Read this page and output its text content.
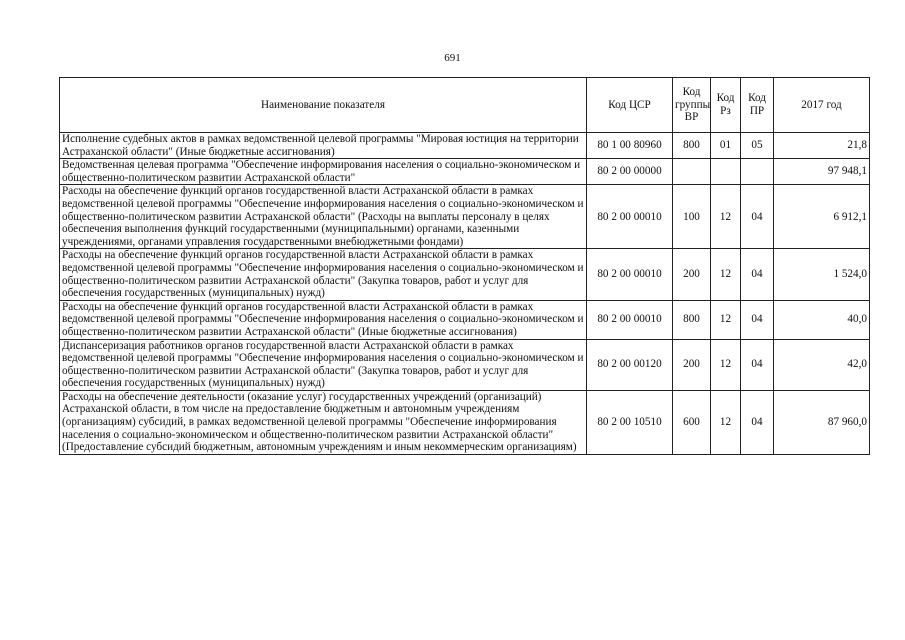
691
Наименование показателя	Код ЦСР	Код группы ВР	Код Рз	Код ПР	2017 год
Исполнение судебных актов в рамках ведомственной целевой программы "Мировая юстиция на территории Астраханской области" (Иные бюджетные ассигнования)	80 1 00 80960	800	01	05	21,8
Ведомственная целевая программа "Обеспечение информирования населения о социально-экономическом и общественно-политическом развитии Астраханской области"	80 2 00 00000				97 948,1
Расходы на обеспечение функций органов государственной власти Астраханской области в рамках ведомственной целевой программы "Обеспечение информирования населения о социально-экономическом и общественно-политическом развитии Астраханской области" (Расходы на выплаты персоналу в целях обеспечения выполнения функций государственными (муниципальными) органами, казенными учреждениями, органами управления государственными внебюджетными фондами)	80 2 00 00010	100	12	04	6 912,1
Расходы на обеспечение функций органов государственной власти Астраханской области в рамках ведомственной целевой программы "Обеспечение информирования населения о социально-экономическом и общественно-политическом развитии Астраханской области" (Закупка товаров, работ и услуг для обеспечения государственных (муниципальных) нужд)	80 2 00 00010	200	12	04	1 524,0
Расходы на обеспечение функций органов государственной власти Астраханской области в рамках ведомственной целевой программы "Обеспечение информирования населения о социально-экономическом и общественно-политическом развитии Астраханской области" (Иные бюджетные ассигнования)	80 2 00 00010	800	12	04	40,0
Диспансеризация работников органов государственной власти Астраханской области в рамках ведомственной целевой программы "Обеспечение информирования населения о социально-экономическом и общественно-политическом развитии Астраханской области" (Закупка товаров, работ и услуг для обеспечения государственных (муниципальных) нужд)	80 2 00 00120	200	12	04	42,0
Расходы на обеспечение деятельности (оказание услуг) государственных учреждений (организаций) Астраханской области, в том числе на предоставление бюджетным и автономным учреждениям (организациям) субсидий, в рамках ведомственной целевой программы "Обеспечение информирования населения о социально-экономическом и общественно-политическом развитии Астраханской области" (Предоставление субсидий бюджетным, автономным учреждениям и иным некоммерческим организациям)	80 2 00 10510	600	12	04	87 960,0
